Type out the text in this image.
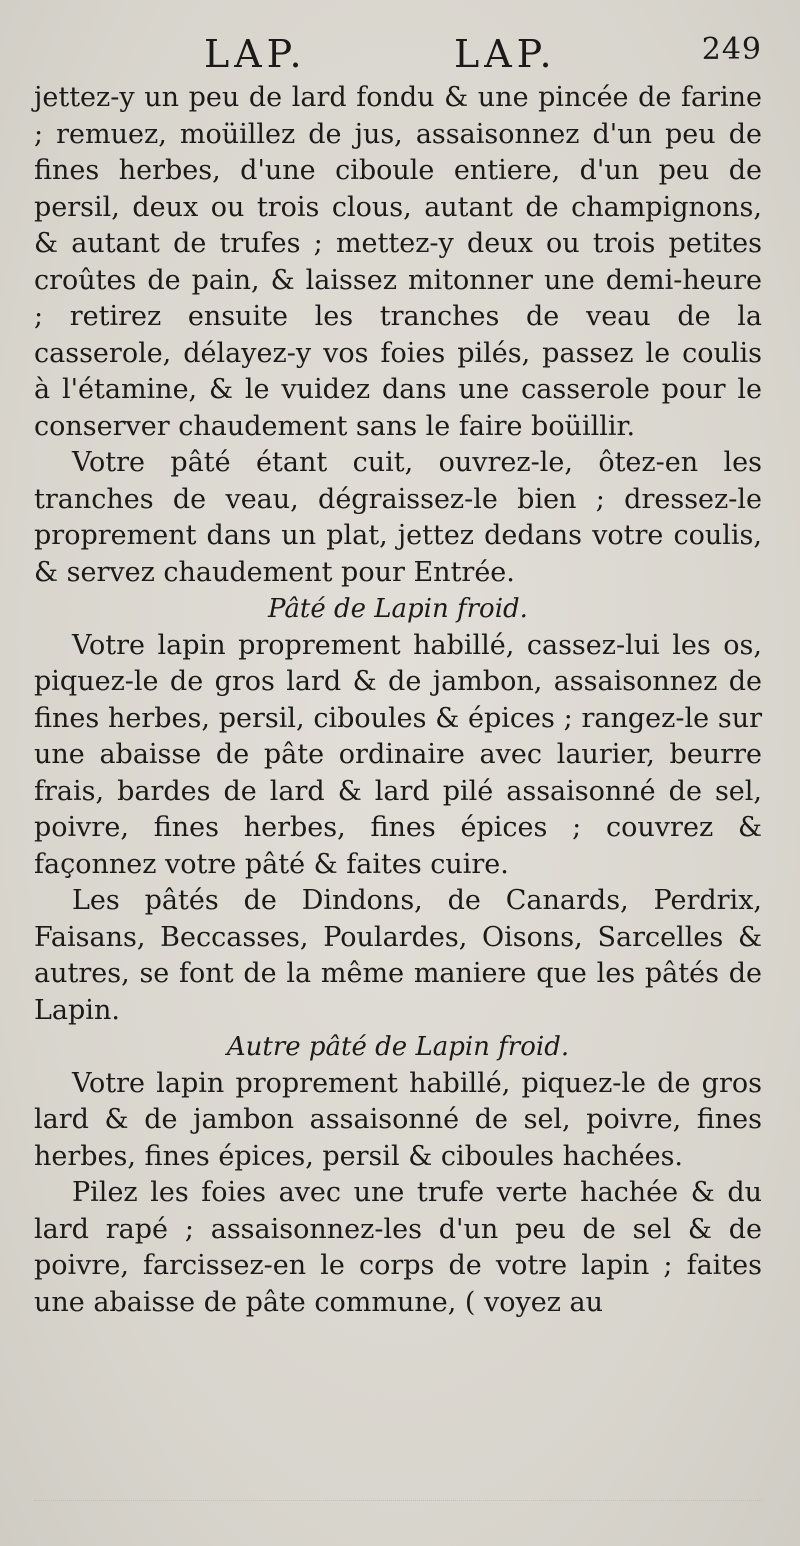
LAP.	LAP.	249

jettez-y un peu de lard fondu & une pincée de farine ; remuez, moüillez de jus, assaisonnez d'un peu de fines herbes, d'une ciboule entiere, d'un peu de persil, deux ou trois clous, autant de champignons, & autant de trufes ; mettez-y deux ou trois petites croûtes de pain, & laissez mitonner une demi-heure ; retirez ensuite les tranches de veau de la casserole, délayez-y vos foies pilés, passez le coulis à l'étamine, & le vuidez dans une casserole pour le conserver chaudement sans le faire boüillir.

Votre pâté étant cuit, ouvrez-le, ôtez-en les tranches de veau, dégraissez-le bien ; dressez-le proprement dans un plat, jettez dedans votre coulis, & servez chaudement pour Entrée.

Pâté de Lapin froid.

Votre lapin proprement habillé, cassez-lui les os, piquez-le de gros lard & de jambon, assaisonnez de fines herbes, persil, ciboules & épices ; rangez-le sur une abaisse de pâte ordinaire avec laurier, beurre frais, bardes de lard & lard pilé assaisonné de sel, poivre, fines herbes, fines épices ; couvrez & façonnez votre pâté & faites cuire.

Les pâtés de Dindons, de Canards, Perdrix, Faisans, Beccasses, Poulardes, Oisons, Sarcelles & autres, se font de la même maniere que les pâtés de Lapin.

Autre pâté de Lapin froid.

Votre lapin proprement habillé, piquez-le de gros lard & de jambon assaisonné de sel, poivre, fines herbes, fines épices, persil & ciboules hachées.

Pilez les foies avec une trufe verte hachée & du lard rapé ; assaisonnez-les d'un peu de sel & de poivre, farcissez-en le corps de votre lapin ; faites une abaisse de pâte commune, ( voyez au
